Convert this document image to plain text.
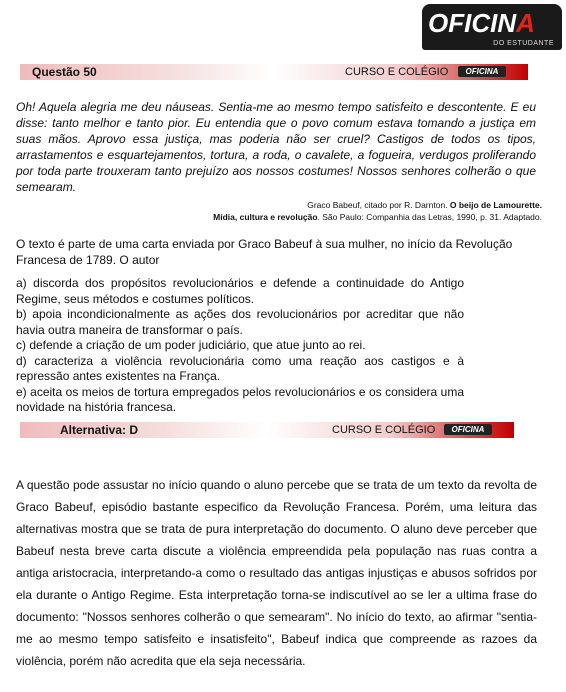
OFICINA
DO ESTUDANTE
Questão 50	CURSO E COLÉGIO	OFICINA
Oh! Aquela alegria me deu náuseas. Sentia-me ao mesmo tempo satisfeito e descontente. E eu disse: tanto melhor e tanto pior. Eu entendia que o povo comum estava tomando a justiça em suas mãos. Aprovo essa justiça, mas poderia não ser cruel? Castigos de todos os tipos, arrastamentos e esquartejamentos, tortura, a roda, o cavalete, a fogueira, verdugos proliferando por toda parte trouxeram tanto prejuízo aos nossos costumes! Nossos senhores colherão o que semearam.
Graco Babeuf, citado por R. Darnton. O beijo de Lamourette.
Mídia, cultura e revolução. São Paulo: Companhia das Letras, 1990, p. 31. Adaptado.
O texto é parte de uma carta enviada por Graco Babeuf à sua mulher, no início da Revolução Francesa de 1789. O autor

a) discorda dos propósitos revolucionários e defende a continuidade do Antigo Regime, seus métodos e costumes políticos.

b) apoia incondicionalmente as ações dos revolucionários por acreditar que não havia outra maneira de transformar o país.

c) defende a criação de um poder judiciário, que atue junto ao rei.

d) caracteriza a violência revolucionária como uma reação aos castigos e à repressão antes existentes na França.

e) aceita os meios de tortura empregados pelos revolucionários e os considera uma novidade na história francesa.

Alternativa: D	CURSO E COLÉGIO	OFICINA
A questão pode assustar no início quando o aluno percebe que se trata de um texto da revolta de Graco Babeuf, episódio bastante especifico da Revolução Francesa. Porém, uma leitura das alternativas mostra que se trata de pura interpretação do documento. O aluno deve perceber que Babeuf nesta breve carta discute a violência empreendida pela população nas ruas contra a antiga aristocracia, interpretando-a como o resultado das antigas injustiças e abusos sofridos por ela durante o Antigo Regime. Esta interpretação torna-se indiscutível ao se ler a ultima frase do documento: "Nossos senhores colherão o que semearam". No início do texto, ao afirmar "sentia-me ao mesmo tempo satisfeito e insatisfeito", Babeuf indica que compreende as razoes da violência, porém não acredita que ela seja necessária.
